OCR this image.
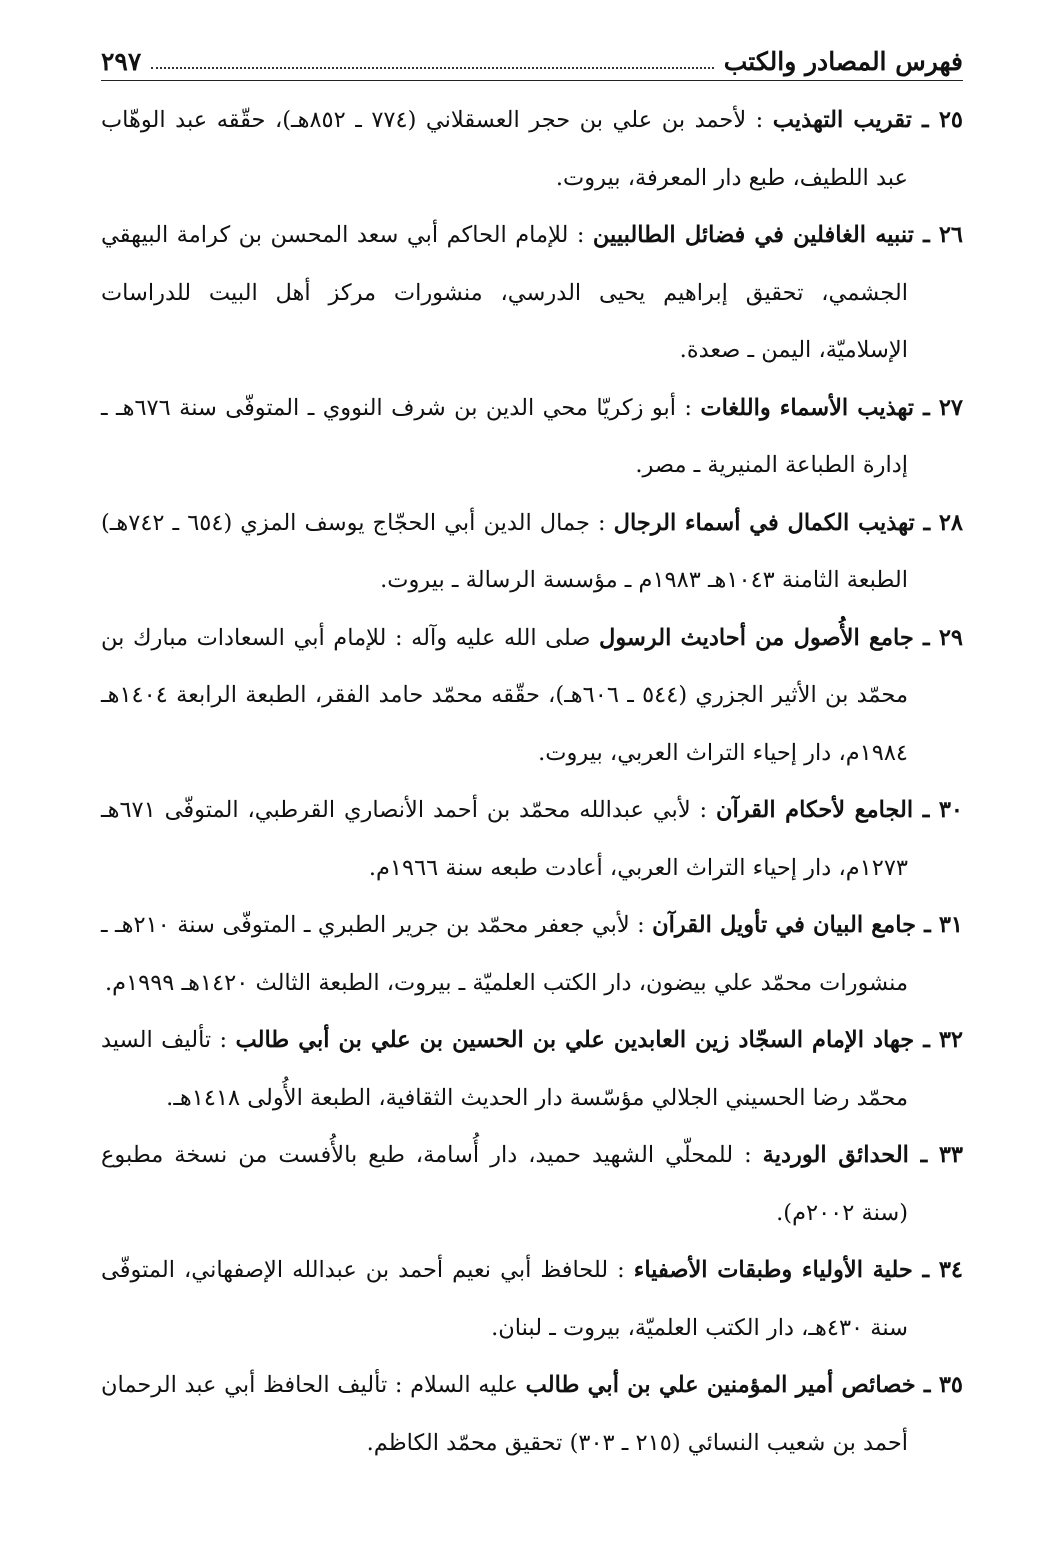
فهرس المصادر والكتب
٢٩٧

٢٥ ـ تقريب التهذيب : لأحمد بن علي بن حجر العسقلاني (٧٧٤ ـ ٨٥٢هـ)، حقّقه عبد الوهّاب عبد اللطيف، طبع دار المعرفة، بيروت.

٢٦ ـ تنبيه الغافلين في فضائل الطالبيين : للإمام الحاكم أبي سعد المحسن بن كرامة البيهقي الجشمي، تحقيق إبراهيم يحيى الدرسي، منشورات مركز أهل البيت للدراسات الإسلاميّة، اليمن ـ صعدة.

٢٧ ـ تهذيب الأسماء واللغات : أبو زكريّا محي الدين بن شرف النووي ـ المتوفّى سنة ٦٧٦هـ ـ إدارة الطباعة المنيرية ـ مصر.

٢٨ ـ تهذيب الكمال في أسماء الرجال : جمال الدين أبي الحجّاج يوسف المزي (٦٥٤ ـ ٧٤٢هـ) الطبعة الثامنة ١٠٤٣هـ ١٩٨٣م ـ مؤسسة الرسالة ـ بيروت.

٢٩ ـ جامع الأُصول من أحاديث الرسول صلى الله عليه وآله : للإمام أبي السعادات مبارك بن محمّد بن الأثير الجزري (٥٤٤ ـ ٦٠٦هـ)، حقّقه محمّد حامد الفقر، الطبعة الرابعة ١٤٠٤هـ ١٩٨٤م، دار إحياء التراث العربي، بيروت.

٣٠ ـ الجامع لأحكام القرآن : لأبي عبدالله محمّد بن أحمد الأنصاري القرطبي، المتوفّى ٦٧١هـ ١٢٧٣م، دار إحياء التراث العربي، أعادت طبعه سنة ١٩٦٦م.

٣١ ـ جامع البيان في تأويل القرآن : لأبي جعفر محمّد بن جرير الطبري ـ المتوفّى سنة ٢١٠هـ ـ منشورات محمّد علي بيضون، دار الكتب العلميّة ـ بيروت، الطبعة الثالث ١٤٢٠هـ ١٩٩٩م.

٣٢ ـ جهاد الإمام السجّاد زين العابدين علي بن الحسين بن علي بن أبي طالب : تأليف السيد محمّد رضا الحسيني الجلالي مؤسّسة دار الحديث الثقافية، الطبعة الأُولى ١٤١٨هـ.

٣٣ ـ الحدائق الوردية : للمحلّي الشهيد حميد، دار أُسامة، طبع بالأُفست من نسخة مطبوع (سنة ٢٠٠٢م).

٣٤ ـ حلية الأولياء وطبقات الأصفياء : للحافظ أبي نعيم أحمد بن عبدالله الإصفهاني، المتوفّى سنة ٤٣٠هـ، دار الكتب العلميّة، بيروت ـ لبنان.

٣٥ ـ خصائص أمير المؤمنين علي بن أبي طالب عليه السلام : تأليف الحافظ أبي عبد الرحمان أحمد بن شعيب النسائي (٢١٥ ـ ٣٠٣) تحقيق محمّد الكاظم.
